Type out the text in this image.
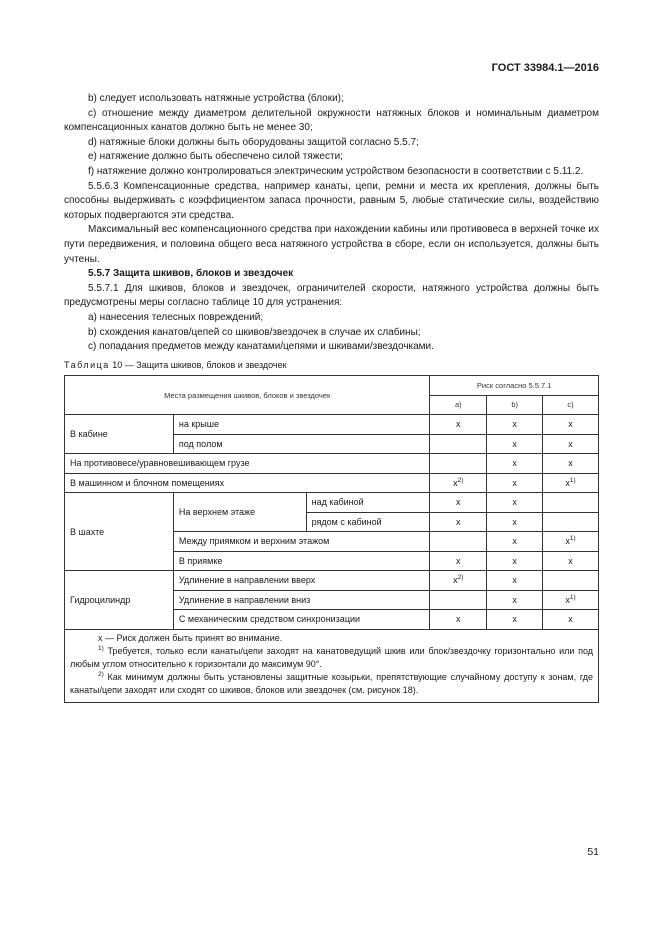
ГОСТ 33984.1—2016

b) следует использовать натяжные устройства (блоки);

c) отношение между диаметром делительной окружности натяжных блоков и номинальным диаметром компенсационных канатов должно быть не менее 30;

d) натяжные блоки должны быть оборудованы защитой согласно 5.5.7;

e) натяжение должно быть обеспечено силой тяжести;

f) натяжение должно контролироваться электрическим устройством безопасности в соответствии с 5.11.2.

5.5.6.3 Компенсационные средства, например канаты, цепи, ремни и места их крепления, должны быть способны выдерживать с коэффициентом запаса прочности, равным 5, любые статические силы, воздействию которых подвергаются эти средства.

Максимальный вес компенсационного средства при нахождении кабины или противовеса в верхней точке их пути передвижения, и половина общего веса натяжного устройства в сборе, если он используется, должны быть учтены.

5.5.7 Защита шкивов, блоков и звездочек

5.5.7.1 Для шкивов, блоков и звездочек, ограничителей скорости, натяжного устройства должны быть предусмотрены меры согласно таблице 10 для устранения:

a) нанесения телесных повреждений;

b) схождения канатов/цепей со шкивов/звездочек в случае их слабины;

c) попадания предметов между канатами/цепями и шкивами/звездочками.

Таблица 10 — Защита шкивов, блоков и звездочек
Места размещения шкивов, блоков и звездочек			Риск согласно 5.5.7.1		
			a)	b)	c)
В кабине	на крыше		x	x	x
	под полом			x	x
На противовесе/уравновешивающем грузе				x	x
В машинном и блочном помещениях			$x^{2)}$	x	$x^{1)}$
В шахте	На верхнем этаже	над кабиной	x	x	
		рядом с кабиной	x	x	
	Между приямком и верхним этажом			x	$x^{1)}$
	В приямке		x	x	x
Гидроцилиндр	Удлинение в направлении вверх		$x^{2)}$	x	
	Удлинение в направлении вниз			x	$x^{1)}$
	С механическим средством синхронизации		x	x	x

x — Риск должен быть принят во внимание.

$^{1)}$ Требуется, только если канаты/цепи заходят на канатоведущий шкив или блок/звездочку горизонтально или под любым углом относительно к горизонтали до максимум 90°.

$^{2)}$ Как минимум должны быть установлены защитные козырьки, препятствующие случайному доступу к зонам, где канаты/цепи заходят или сходят со шкивов, блоков или звездочек (см. рисунок 18).					

51
